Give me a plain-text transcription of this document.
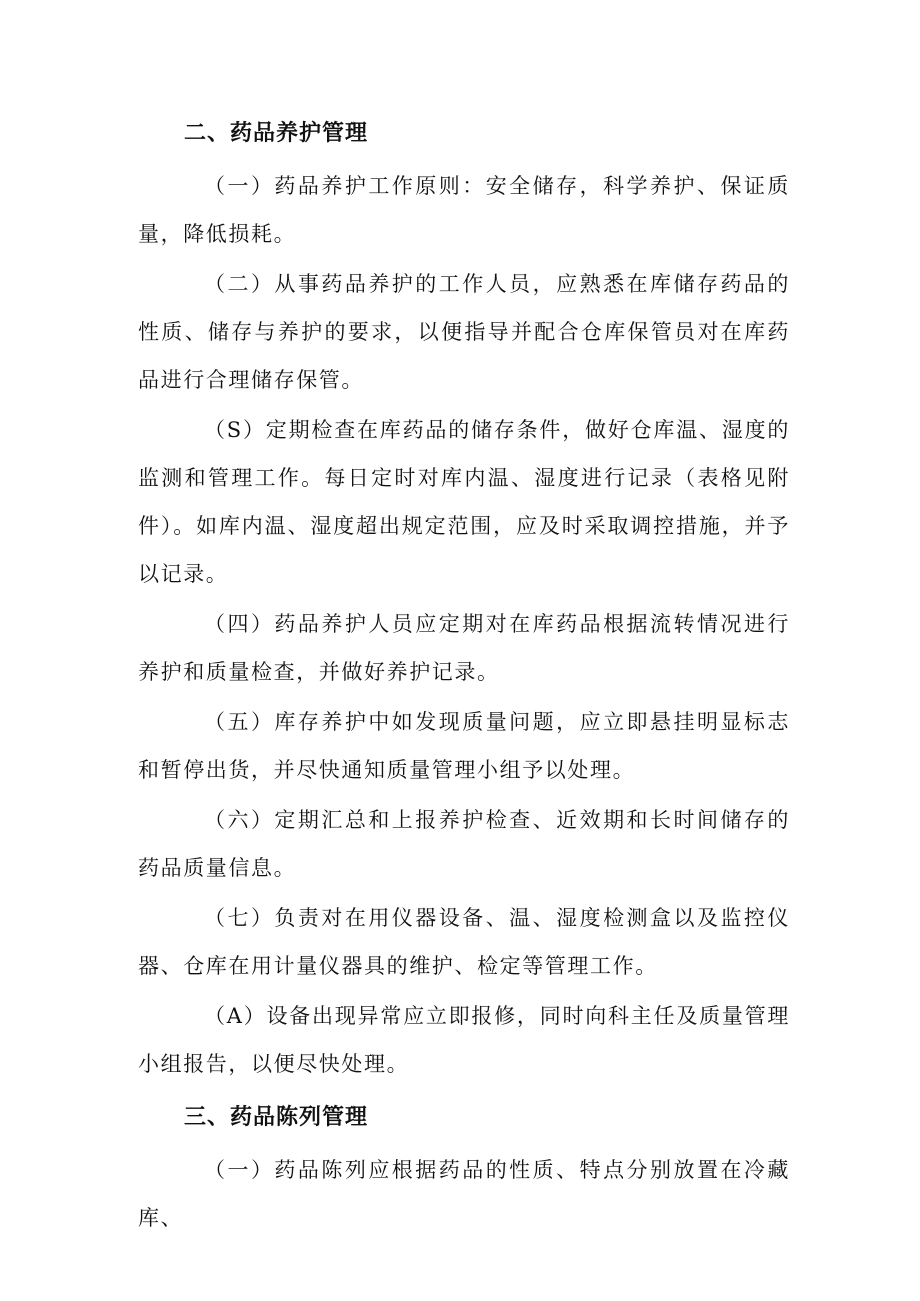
二、药品养护管理

（一）药品养护工作原则：安全储存，科学养护、保证质量，降低损耗。

（二）从事药品养护的工作人员，应熟悉在库储存药品的性质、储存与养护的要求，以便指导并配合仓库保管员对在库药品进行合理储存保管。

（S）定期检查在库药品的储存条件，做好仓库温、湿度的监测和管理工作。每日定时对库内温、湿度进行记录（表格见附件）。如库内温、湿度超出规定范围，应及时采取调控措施，并予以记录。

（四）药品养护人员应定期对在库药品根据流转情况进行养护和质量检查，并做好养护记录。

（五）库存养护中如发现质量问题，应立即悬挂明显标志和暂停出货，并尽快通知质量管理小组予以处理。

（六）定期汇总和上报养护检查、近效期和长时间储存的药品质量信息。

（七）负责对在用仪器设备、温、湿度检测盒以及监控仪器、仓库在用计量仪器具的维护、检定等管理工作。

（A）设备出现异常应立即报修，同时向科主任及质量管理小组报告，以便尽快处理。

三、药品陈列管理

（一）药品陈列应根据药品的性质、特点分别放置在冷藏库、
